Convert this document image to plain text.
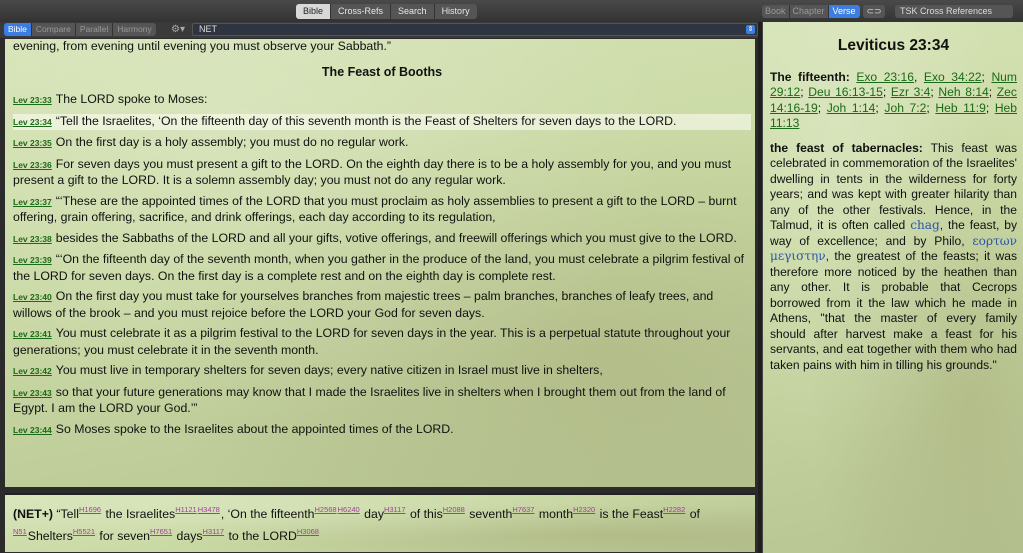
Bible	Cross-Refs	Search	History	Book Chapter Verse	⊂⊃	TSK Cross References
Bible	Compare	Parallel	Harmony	⚙▾	NET	⇕

evening, from evening until evening you must observe your Sabbath.”

The Feast of Booths

Lev 23:33 The LORD spoke to Moses:

Lev 23:34 “Tell the Israelites, ‘On the fifteenth day of this seventh month is the Feast of Shelters for seven days to the LORD.

Lev 23:35 On the first day is a holy assembly; you must do no regular work.

Lev 23:36 For seven days you must present a gift to the LORD. On the eighth day there is to be a holy assembly for you, and you must present a gift to the LORD. It is a solemn assembly day; you must not do any regular work.

Lev 23:37 “‘These are the appointed times of the LORD that you must proclaim as holy assemblies to present a gift to the LORD – burnt offering, grain offering, sacrifice, and drink offerings, each day according to its regulation,

Lev 23:38 besides the Sabbaths of the LORD and all your gifts, votive offerings, and freewill offerings which you must give to the LORD.

Lev 23:39 “‘On the fifteenth day of the seventh month, when you gather in the produce of the land, you must celebrate a pilgrim festival of the LORD for seven days. On the first day is a complete rest and on the eighth day is complete rest.

Lev 23:40 On the first day you must take for yourselves branches from majestic trees – palm branches, branches of leafy trees, and willows of the brook – and you must rejoice before the LORD your God for seven days.

Lev 23:41 You must celebrate it as a pilgrim festival to the LORD for seven days in the year. This is a perpetual statute throughout your generations; you must celebrate it in the seventh month.

Lev 23:42 You must live in temporary shelters for seven days; every native citizen in Israel must live in shelters,

Lev 23:43 so that your future generations may know that I made the Israelites live in shelters when I brought them out from the land of Egypt. I am the LORD your God.’”

Lev 23:44 So Moses spoke to the Israelites about the appointed times of the LORD.

(NET+) “Tell$^{H1696}$ the Israelites$^{H1121H3478}$, ‘On the fifteenth$^{H2568H6240}$ day$^{H3117}$ of this$^{H2088}$ seventh$^{H7637}$ month$^{H2320}$ is the Feast$^{H2282}$ of $^{N51}$Shelters$^{H5521}$ for seven$^{H7651}$ days$^{H3117}$ to the $LORD^{H3068}$
Leviticus 23:34

The fifteenth: Exo 23:16, Exo 34:22; Num 29:12; Deu 16:13-15; Ezr 3:4; Neh 8:14; Zec 14:16-19; Joh 1:14; Joh 7:2; Heb 11:9; Heb 11:13

the feast of tabernacles: This feast was celebrated in commemoration of the Israelites' dwelling in tents in the wilderness for forty years; and was kept with greater hilarity than any of the other festivals. Hence, in the Talmud, it is often called chag, the feast, by way of excellence; and by Philo, εορτων μεγιστην, the greatest of the feasts; it was therefore more noticed by the heathen than any other. It is probable that Cecrops borrowed from it the law which he made in Athens, "that the master of every family should after harvest make a feast for his servants, and eat together with them who had taken pains with him in tilling his grounds."
